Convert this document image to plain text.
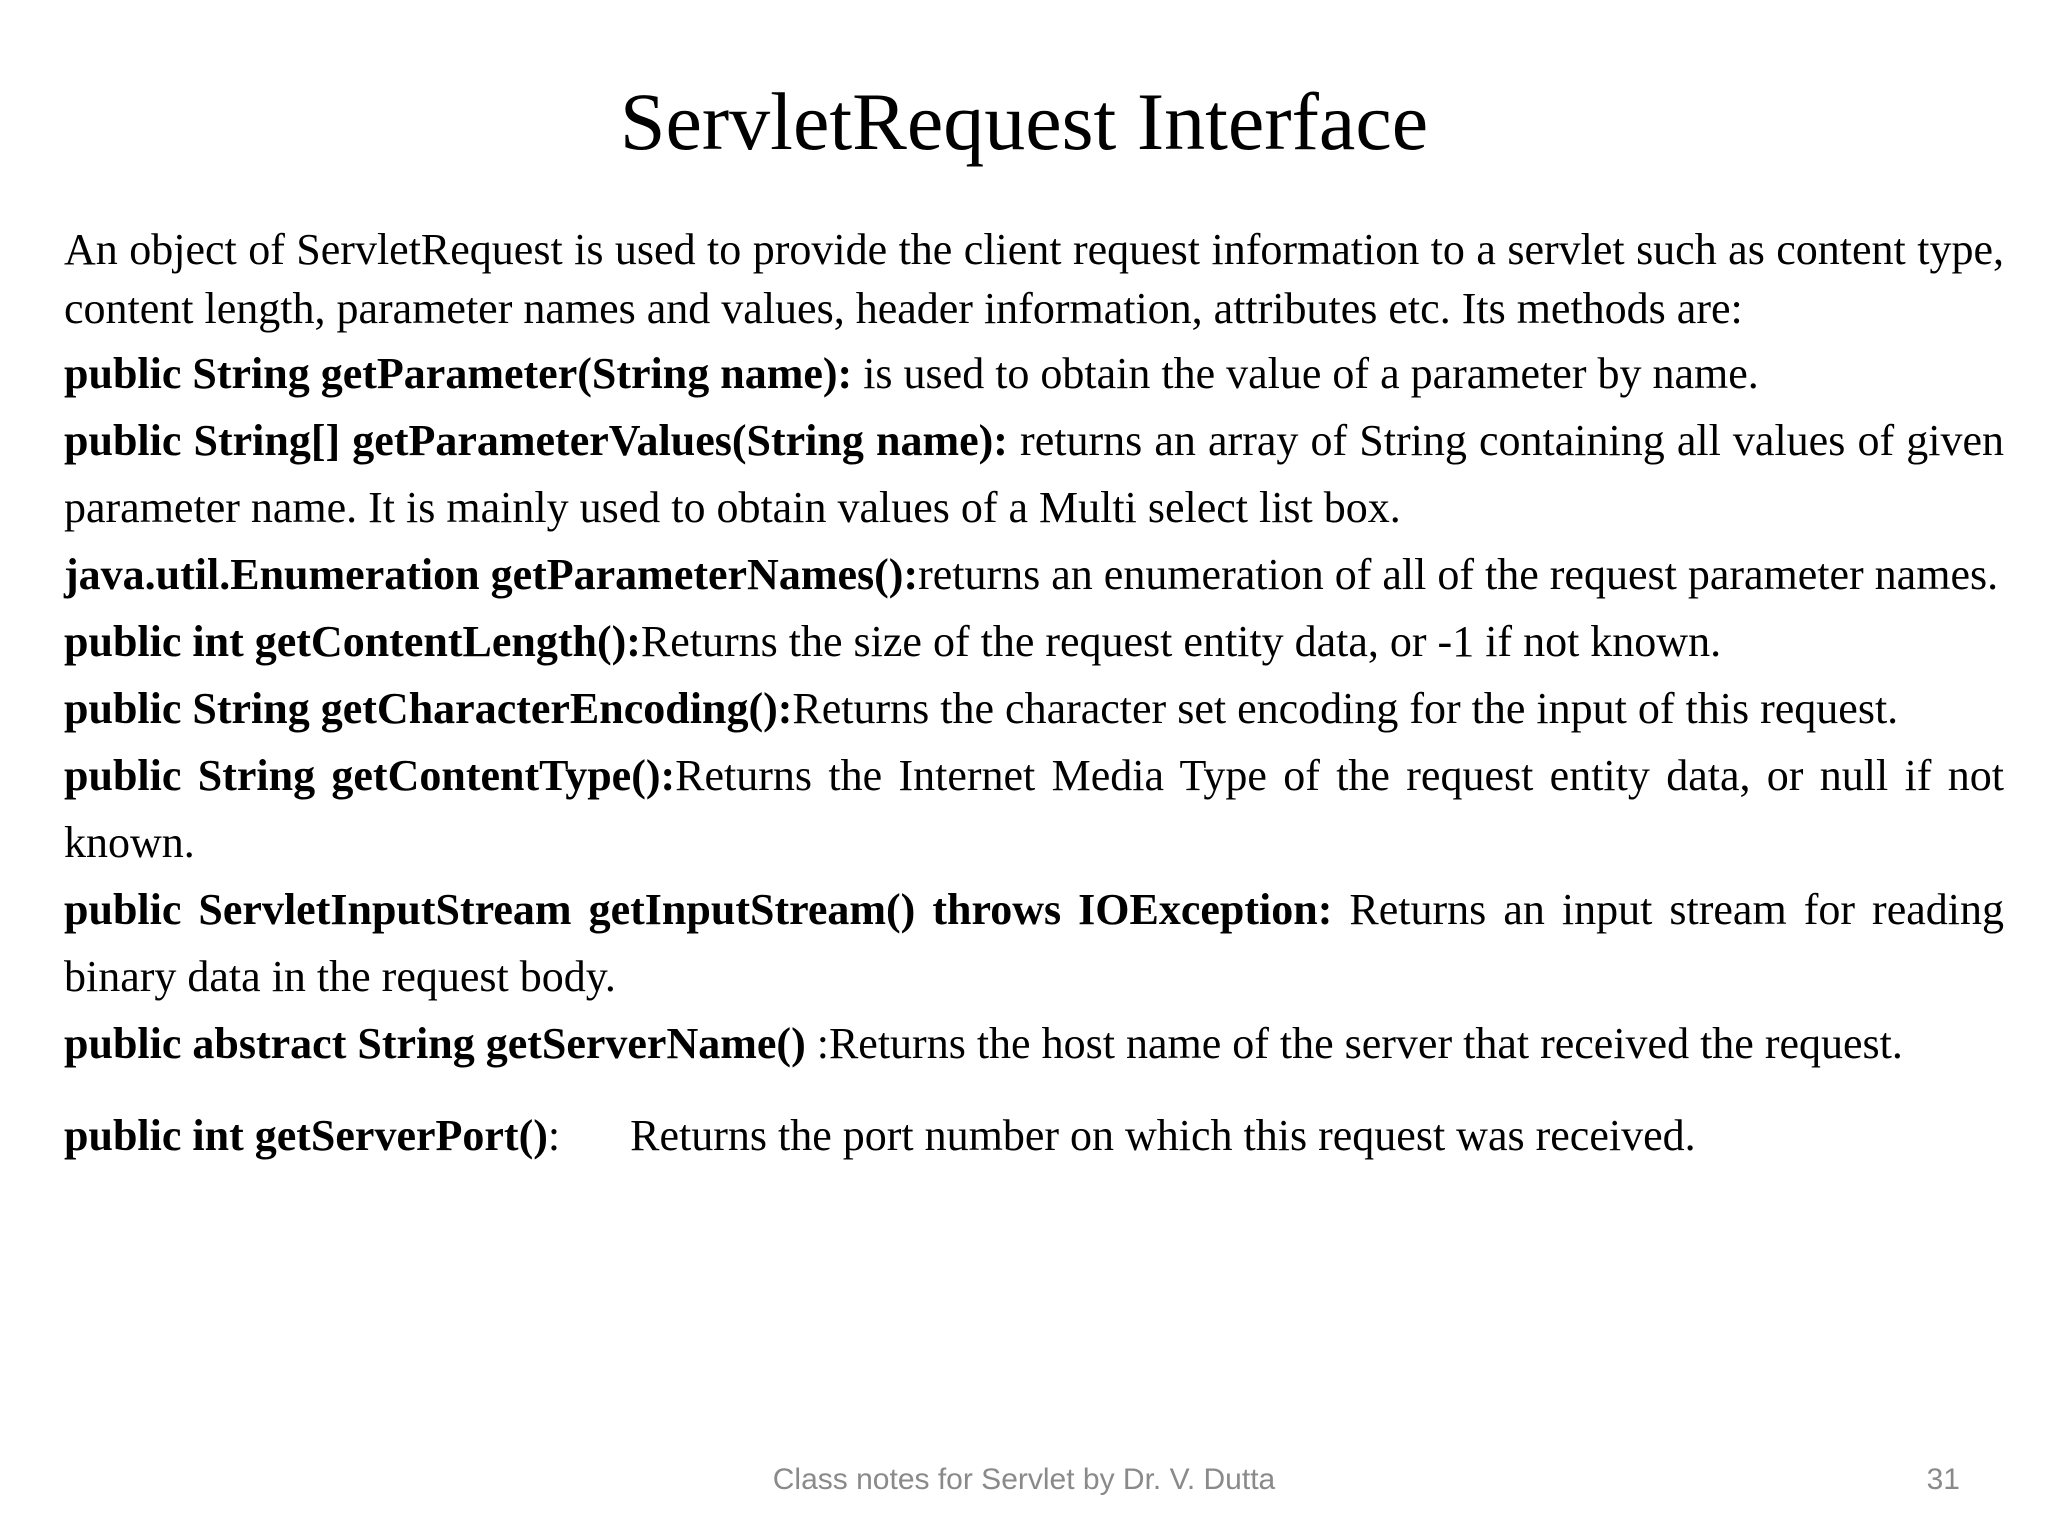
ServletRequest Interface

An object of ServletRequest is used to provide the client request information to a servlet such as content type, content length, parameter names and values, header information, attributes etc. Its methods are:

public String getParameter(String name): is used to obtain the value of a parameter by name.

public String[] getParameterValues(String name): returns an array of String containing all values of given parameter name. It is mainly used to obtain values of a Multi select list box.

java.util.Enumeration getParameterNames():returns an enumeration of all of the request parameter names.

public int getContentLength():Returns the size of the request entity data, or -1 if not known.

public String getCharacterEncoding():Returns the character set encoding for the input of this request.

public String getContentType():Returns the Internet Media Type of the request entity data, or null if not known.

public ServletInputStream getInputStream() throws IOException: Returns an input stream for reading binary data in the request body.

public abstract String getServerName() :Returns the host name of the server that received the request.

public int getServerPort(): Returns the port number on which this request was received.

Class notes for Servlet by Dr. V. Dutta	31
